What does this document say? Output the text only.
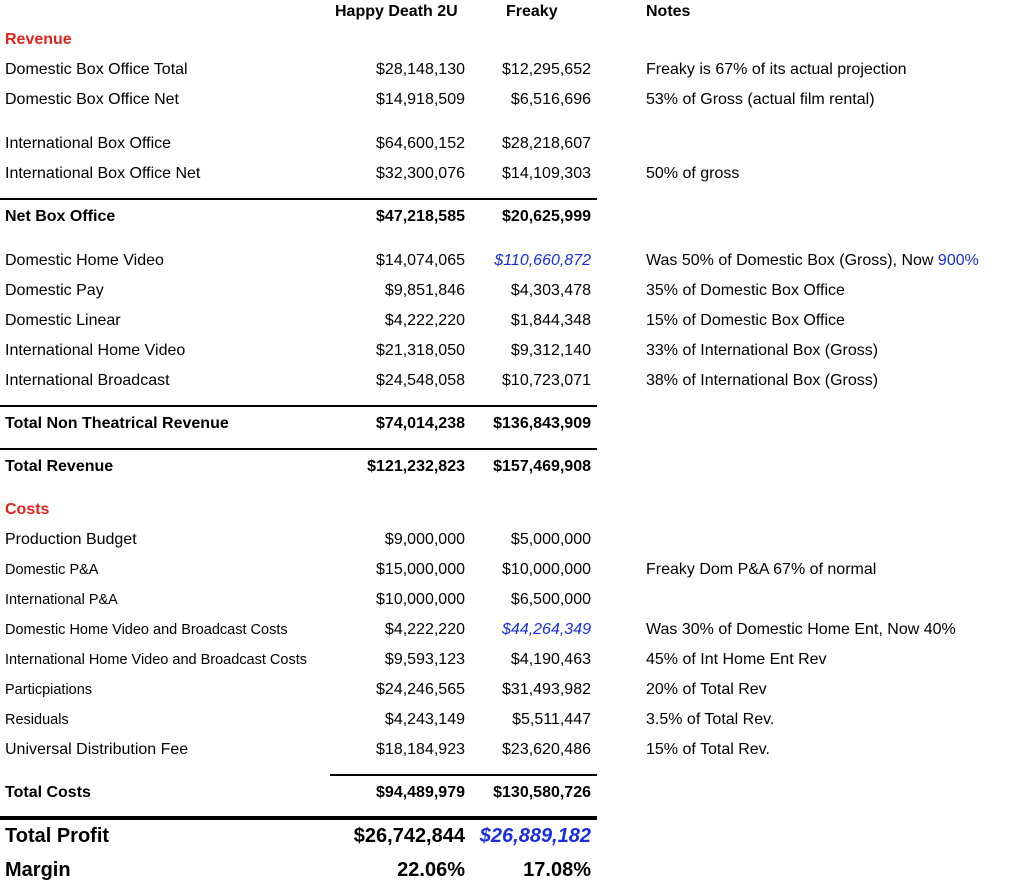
Happy Death 2U	Freaky	Notes
Revenue
Domestic Box Office Total	$28,148,130 $12,295,652	Freaky is 67% of its actual projection
Domestic Box Office Net	$14,918,509	$6,516,696	53% of Gross (actual film rental)
International Box Office	$64,600,152 $28,218,607
International Box Office Net	$32,300,076 $14,109,303	50% of gross
Net Box Office	$47,218,585 $20,625,999
Domestic Home Video	$14,074,065 $110,660,872	Was 50% of Domestic Box (Gross), Now 900%
Domestic Pay	$9,851,846	$4,303,478	35% of Domestic Box Office
Domestic Linear	$4,222,220	$1,844,348	15% of Domestic Box Office
International Home Video	$21,318,050	$9,312,140	33% of International Box (Gross)
International Broadcast	$24,548,058 $10,723,071	38% of International Box (Gross)
Total Non Theatrical Revenue	$74,014,238 $136,843,909
Total Revenue	$121,232,823 $157,469,908
Costs
Production Budget	$9,000,000	$5,000,000
Domestic P&A	$15,000,000 $10,000,000	Freaky Dom P&A 67% of normal
International P&A	$10,000,000	$6,500,000
Domestic Home Video and Broadcast Costs	$4,222,220 $44,264,349	Was 30% of Domestic Home Ent, Now 40%
International Home Video and Broadcast Costs	$9,593,123	$4,190,463	45% of Int Home Ent Rev
Particpiations	$24,246,565 $31,493,982	20% of Total Rev
Residuals	$4,243,149	$5,511,447	3.5% of Total Rev.
Universal Distribution Fee	$18,184,923 $23,620,486	15% of Total Rev.
Total Costs	$94,489,979 $130,580,726
Total Profit	$26,742,844 $26,889,182
Margin	22.06%	17.08%
